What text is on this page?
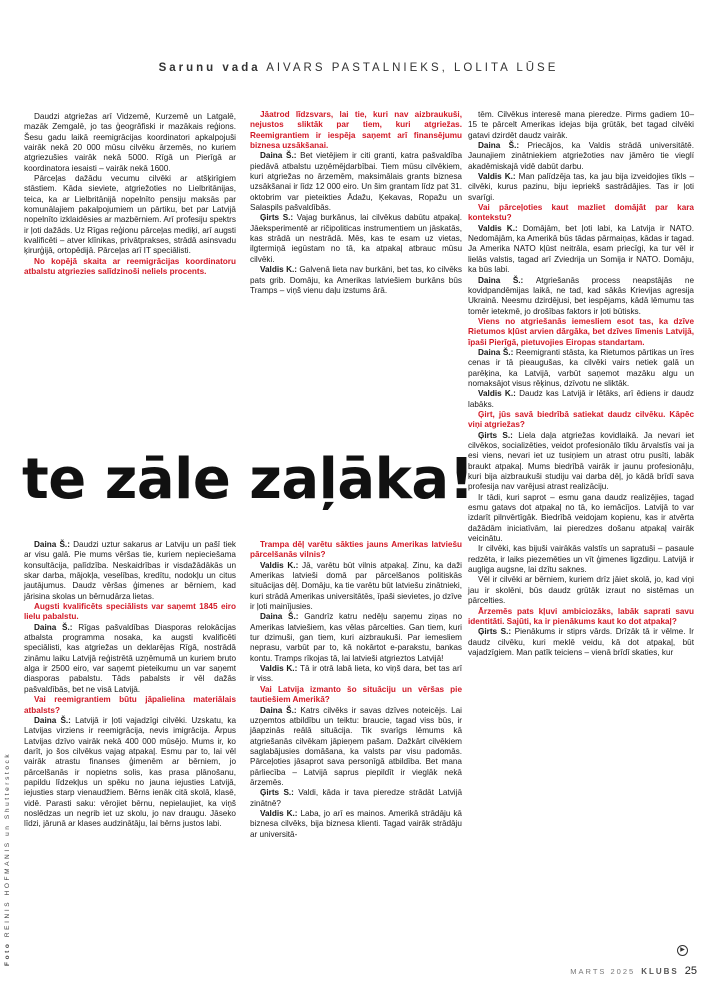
Sarunu vada AIVARS PASTALNIEKS, LOLITA LŪSE

Daudzi atgriežas arī Vidzemē, Kurzemē un Latgalē, mazāk Zemgalē, jo tas ģeogrāfiski ir mazākais reģions. Šesu gadu laikā reemigrācijas koordinatori apkalpojuši vairāk nekā 20 000 mūsu cilvēku ārzemēs, no kuriem atgriezušies vairāk nekā 5000. Rīgā un Pierīgā ar koordinatora iesaisti – vairāk nekā 1600.

Pārceļas dažādu vecumu cilvēki ar atšķirīgiem stāstiem. Kāda sieviete, atgriežoties no Lielbritānijas, teica, ka ar Lielbritānijā nopelnīto pensiju maksās par komunālajiem pakalpojumiem un pārtiku, bet par Latvijā nopelnīto izklaidēsies ar mazbērniem. Arī profesiju spektrs ir ļoti dažāds. Uz Rīgas reģionu pārceļas mediķi, arī augsti kvalificēti – atver klīnikas, privātprakses, strādā asinsvadu ķirurģijā, ortopēdijā. Pārceļas arī IT speciālisti.

No kopējā skaita ar reemigrācijas koordinatoru atbalstu atgriezies salīdzinoši neliels procents.

Jāatrod līdzsvars, lai tie, kuri nav aizbraukuši, nejustos sliktāk par tiem, kuri atgriežas. Reemigrantiem ir iespēja saņemt arī finansējumu biznesa uzsākšanai.

Daina Š.: Bet vietējiem ir citi granti, katra pašvaldība piedāvā atbalstu uzņēmējdarbībai. Tiem mūsu cilvēkiem, kuri atgriežas no ārzemēm, maksimālais grants biznesa uzsākšanai ir līdz 12 000 eiro. Un šim grantam līdz pat 31. oktobrim var pieteikties Ādažu, Ķekavas, Ropažu un Salaspils pašvaldībās.

Ģirts S.: Vajag burkānus, lai cilvēkus dabūtu atpakaļ. Jāeksperimentē ar ričipoliticas instrumentiem un jāskatās, kas strādā un nestrādā. Mēs, kas te esam uz vietas, ilgtermiņā iegūstam no tā, ka atpakaļ atbrauc mūsu cilvēki.

Valdis K.: Galvenā lieta nav burkāni, bet tas, ko cilvēks pats grib. Domāju, ka Amerikas latviešiem burkāns būs Tramps – viņš vienu daļu izstums ārā.

tēm. Cilvēkus interesē mana pieredze. Pirms gadiem 10–15 te pārcelt Amerikas idejas bija grūtāk, bet tagad cilvēki gatavi dzirdēt daudz vairāk.

Daina Š.: Priecājos, ka Valdis strādā universitātē. Jaunajiem zinātniekiem atgriežoties nav jāmēro tie vieglí akadēmiskajā vidē dabūt darbu.

Valdis K.: Man palīdzēja tas, ka jau bija izveidojies tīkls – cilvēki, kurus pazinu, biju iepriekš sastrādājies. Tas ir ļoti svarīgi.

Vai pārceļoties kaut mazliet domājāt par kara kontekstu?

Valdis K.: Domājām, bet ļoti labi, ka Latvija ir NATO. Nedomājām, ka Amerikā būs tādas pārmaiņas, kādas ir tagad. Ja Amerika NATO kļūst neitrāla, esam priecīgi, ka tur vēl ir lielās valstis, tagad arī Zviedrija un Somija ir NATO. Domāju, ka būs labi.

Daina Š.: Atgriešanās process neapstājās ne kovidpandēmijas laikā, ne tad, kad sākās Krievijas agresija Ukrainā. Neesmu dzirdējusi, bet iespējams, kādā lēmumu tas tomēr ietekmē, jo drošības faktors ir ļoti būtisks.

Viens no atgriešanās iemesliem esot tas, ka dzīve Rietumos kļūst arvien dārgāka, bet dzīves līmenis Latvijā, īpaši Pierīgā, pietuvojies Eiropas standartam.

Daina Š.: Reemigranti stāsta, ka Rietumos pārtikas un īres cenas ir tā pieaugušas, ka cilvēki vairs netiek galā un parēķina, ka Latvijā, varbūt saņemot mazāku algu un nomaksājot visus rēķinus, dzīvotu ne sliktāk.

Valdis K.: Daudz kas Latvijā ir lētāks, arī ēdiens ir daudz labāks.

Ģirt, jūs savā biedrībā satiekat daudz cilvēku. Kāpēc viņi atgriežas?

Ģirts S.: Liela daļa atgriežas kovidlaikā. Ja nevari iet cilvēkos, socializēties, veidot profesionālo tīklu ārvalstīs vai ja esi viens, nevari iet uz tusiņiem un atrast otru pusīti, labāk braukt atpakaļ. Mums biedrībā vairāk ir jaunu profesionāļu, kuri bija aizbraukuši studiju vai darba dēļ, jo kādā brīdī sava profesija nav varējusi atrast realizāciju.

Ir tādi, kuri saprot – esmu gana daudz realizējies, tagad esmu gatavs dot atpakaļ no tā, ko iemācījos. Latvijā to var izdarīt pilnvērtīgāk. Biedrībā veidojam kopienu, kas ir atvērta dažādām iniciatīvām, lai pieredzes došanu atpakaļ vairāk veicinātu.

Ir cilvēki, kas bijuši vairākās valstīs un sapratuši – pasaule redzēta, ir laiks piezemēties un vīt ģimenes ligzdiņu. Latvijā ir augliga augsne, lai dzītu saknes.

Vēl ir cilvēki ar bērniem, kuriem drīz jāiet skolā, jo, kad viņi jau ir skolēni, būs daudz grūtāk izraut no sistēmas un pārcelties.

Ārzemēs pats kļuvi ambiciozāks, labāk saprati savu identitāti. Sajūti, ka ir pienākums kaut ko dot atpakaļ?

Ģirts S.: Pienākums ir stiprs vārds. Drīzāk tā ir vēlme. Ir daudz cilvēku, kuri meklē veidu, kā dot atpakaļ, būt vajadzīgiem. Man patīk teiciens – vienā brīdī skaties, kur

te zāle zaļāka!

Daina Š.: Daudzi uztur sakarus ar Latviju un pašī tiek ar visu galā. Pie mums vēršas tie, kuriem nepieciešama konsultācija, palīdzība. Neskaidrības ir visdažādākās un skar darba, mājokļa, veselības, kredītu, nodokļu un citus jautājumus. Daudz vēršas ģimenes ar bērniem, kad jārisina skolas un bērnudārza lietas.

Augsti kvalificēts speciālists var saņemt 1845 eiro lielu pabalstu.

Daina Š.: Rīgas pašvaldības Diasporas relokācijas atbalsta programma nosaka, ka augsti kvalificēti speciālisti, kas atgriežas un deklarējas Rīgā, nostrādā zināmu laiku Latvijā reģistrētā uzņēmumā un kuriem bruto alga ir 2500 eiro, var saņemt pieteikumu un var saņemt diasporas pabalstu. Tāds pabalsts ir vēl dažās pašvaldībās, bet ne visā Latvijā.

Vai reemigrantiem būtu jāpalielina materiālais atbalsts?

Daina Š.: Latvijā ir ļoti vajadzīgi cilvēki. Uzskatu, ka Latvijas virziens ir reemigrācija, nevis imigrācija. Ārpus Latvijas dzīvo vairāk nekā 400 000 mūsējo. Mums ir, ko darīt, jo šos cilvēkus vajag atpakaļ. Esmu par to, lai vēl vairāk atrastu finanses ģimenēm ar bērniem, jo pārcelšanās ir nopietns solis, kas prasa plānošanu, papildu līdzekļus un spēku no jauna iejusties Latvijā, iejusties starp vienaudžiem. Bērns ienāk citā skolā, klasē, vidē. Parasti saku: vērojiet bērnu, nepielaujiet, ka viņš noslēdzas un negrib iet uz skolu, jo nav draugu. Jāseko līdzi, jārunā ar klases audzinātāju, lai bērns justos labi.

Trampa dēļ varētu sākties jauns Amerikas latviešu pārcelšanās vilnis?

Valdis K.: Jā, varētu būt vilnis atpakaļ. Zinu, ka daži Amerikas latvieši domā par pārcelšanos politiskās situācijas dēļ. Domāju, ka tie varētu būt latviešu zinātnieki, kuri strādā Amerikas universitātēs, īpaši sievietes, jo dzīve ir ļoti mainījusies.

Daina Š.: Gandrīz katru nedēļu saņemu ziņas no Amerikas latviešiem, kas vēlas pārcelties. Gan tiem, kuri tur dzimuši, gan tiem, kuri aizbraukuši. Par iemesliem neprasu, varbūt par to, kā nokārtot e-parakstu, bankas kontu. Tramps rīkojas tā, lai latvieši atgrieztos Latvijā!

Valdis K.: Tā ir otrā labā lieta, ko viņš dara, bet tas arī ir viss.

Vai Latvija izmanto šo situāciju un vēršas pie tautiešiem Amerikā?

Daina Š.: Katrs cilvēks ir savas dzīves noteicējs. Lai uzņemtos atbildību un teiktu: braucie, tagad viss būs, ir jāapzinās reālā situācija. Tik svarīgs lēmums kā atgriešanās cilvēkam jāpieņem pašam. Dažkārt cilvēkiem saglabājusies domāšana, ka valsts par visu padomās. Pārceļoties jāsaprot sava personīgā atbildība. Bet mana pārliecība – Latvijā saprus piepildīt ir vieglāk nekā ārzemēs.

Ģirts S.: Valdi, kāda ir tava pieredze strādāt Latvijā zinātnē?

Valdis K.: Laba, jo arī es mainos. Amerikā strādāju kā biznesa cilvēks, bija biznesa klienti. Tagad vairāk strādāju ar universitā-

Foto REINIS HOFMANIS un Shutterstock
▶
MARTS 2025 KLUBS 25
